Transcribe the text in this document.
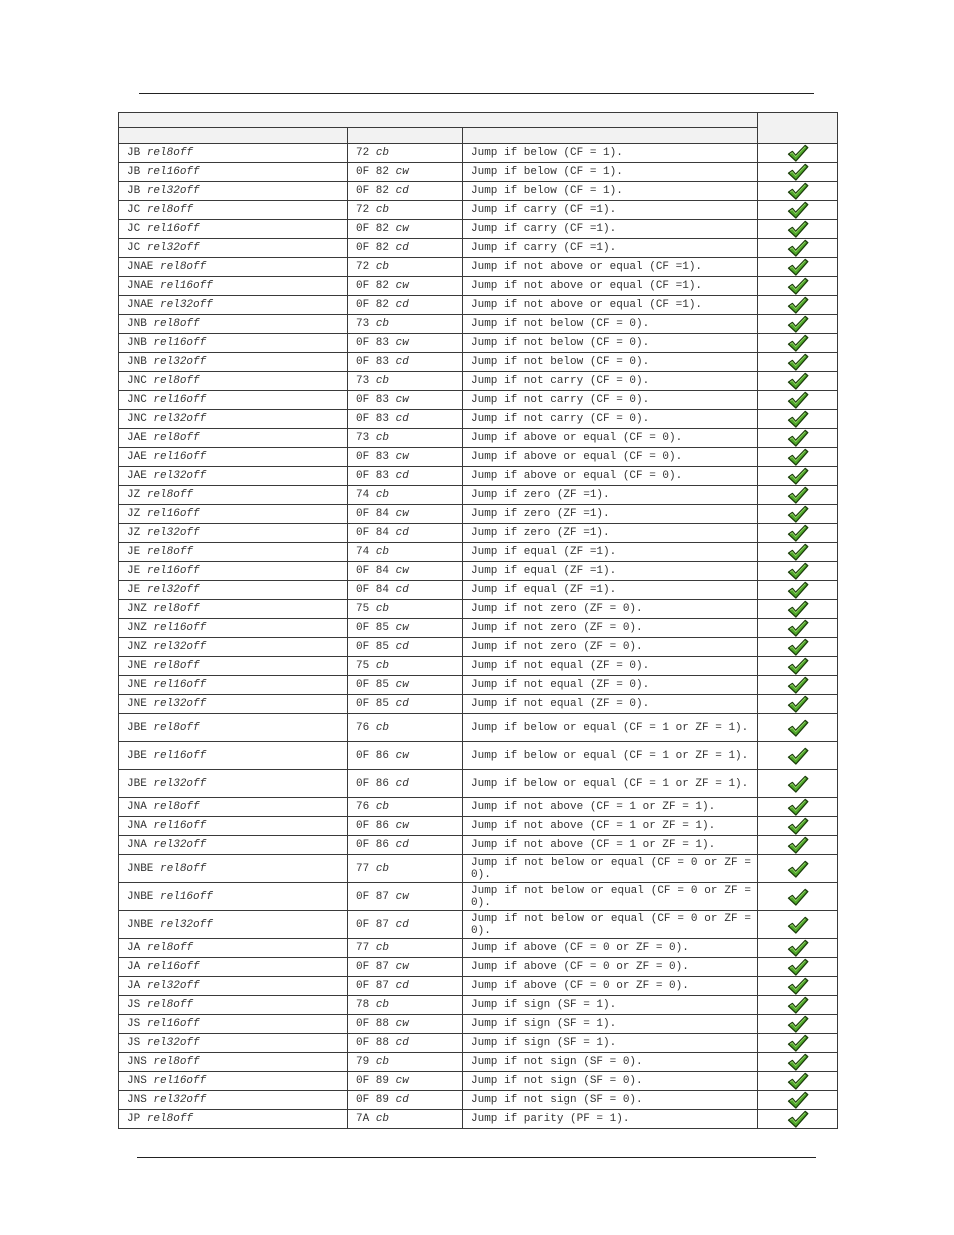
JB rel8off	72 cb	Jump if below (CF = 1).	

JB rel16off	0F 82 cw	Jump if below (CF = 1).	

JB rel32off	0F 82 cd	Jump if below (CF = 1).	

JC rel8off	72 cb	Jump if carry (CF =1).	

JC rel16off	0F 82 cw	Jump if carry (CF =1).	

JC rel32off	0F 82 cd	Jump if carry (CF =1).	

JNAE rel8off	72 cb	Jump if not above or equal (CF =1).	

JNAE rel16off	0F 82 cw	Jump if not above or equal (CF =1).	

JNAE rel32off	0F 82 cd	Jump if not above or equal (CF =1).	

JNB rel8off	73 cb	Jump if not below (CF = 0).	

JNB rel16off	0F 83 cw	Jump if not below (CF = 0).	

JNB rel32off	0F 83 cd	Jump if not below (CF = 0).	

JNC rel8off	73 cb	Jump if not carry (CF = 0).	

JNC rel16off	0F 83 cw	Jump if not carry (CF = 0).	

JNC rel32off	0F 83 cd	Jump if not carry (CF = 0).	

JAE rel8off	73 cb	Jump if above or equal (CF = 0).	

JAE rel16off	0F 83 cw	Jump if above or equal (CF = 0).	

JAE rel32off	0F 83 cd	Jump if above or equal (CF = 0).	

JZ rel8off	74 cb	Jump if zero (ZF =1).	

JZ rel16off	0F 84 cw	Jump if zero (ZF =1).	

JZ rel32off	0F 84 cd	Jump if zero (ZF =1).	

JE rel8off	74 cb	Jump if equal (ZF =1).	

JE rel16off	0F 84 cw	Jump if equal (ZF =1).	

JE rel32off	0F 84 cd	Jump if equal (ZF =1).	

JNZ rel8off	75 cb	Jump if not zero (ZF = 0).	

JNZ rel16off	0F 85 cw	Jump if not zero (ZF = 0).	

JNZ rel32off	0F 85 cd	Jump if not zero (ZF = 0).	

JNE rel8off	75 cb	Jump if not equal (ZF = 0).	

JNE rel16off	0F 85 cw	Jump if not equal (ZF = 0).	

JNE rel32off	0F 85 cd	Jump if not equal (ZF = 0).	

JBE rel8off	76 cb	Jump if below or equal (CF = 1 or ZF = 1).	

JBE rel16off	0F 86 cw	Jump if below or equal (CF = 1 or ZF = 1).	

JBE rel32off	0F 86 cd	Jump if below or equal (CF = 1 or ZF = 1).	

JNA rel8off	76 cb	Jump if not above (CF = 1 or ZF = 1).	

JNA rel16off	0F 86 cw	Jump if not above (CF = 1 or ZF = 1).	

JNA rel32off	0F 86 cd	Jump if not above (CF = 1 or ZF = 1).	

JNBE rel8off	77 cb	Jump if not below or equal (CF = 0 or ZF = 0).	

JNBE rel16off	0F 87 cw	Jump if not below or equal (CF = 0 or ZF = 0).	

JNBE rel32off	0F 87 cd	Jump if not below or equal (CF = 0 or ZF = 0).	

JA rel8off	77 cb	Jump if above (CF = 0 or ZF = 0).	

JA rel16off	0F 87 cw	Jump if above (CF = 0 or ZF = 0).	

JA rel32off	0F 87 cd	Jump if above (CF = 0 or ZF = 0).	

JS rel8off	78 cb	Jump if sign (SF = 1).	

JS rel16off	0F 88 cw	Jump if sign (SF = 1).	

JS rel32off	0F 88 cd	Jump if sign (SF = 1).	

JNS rel8off	79 cb	Jump if not sign (SF = 0).	

JNS rel16off	0F 89 cw	Jump if not sign (SF = 0).	

JNS rel32off	0F 89 cd	Jump if not sign (SF = 0).	

JP rel8off	7A cb	Jump if parity (PF = 1).	
